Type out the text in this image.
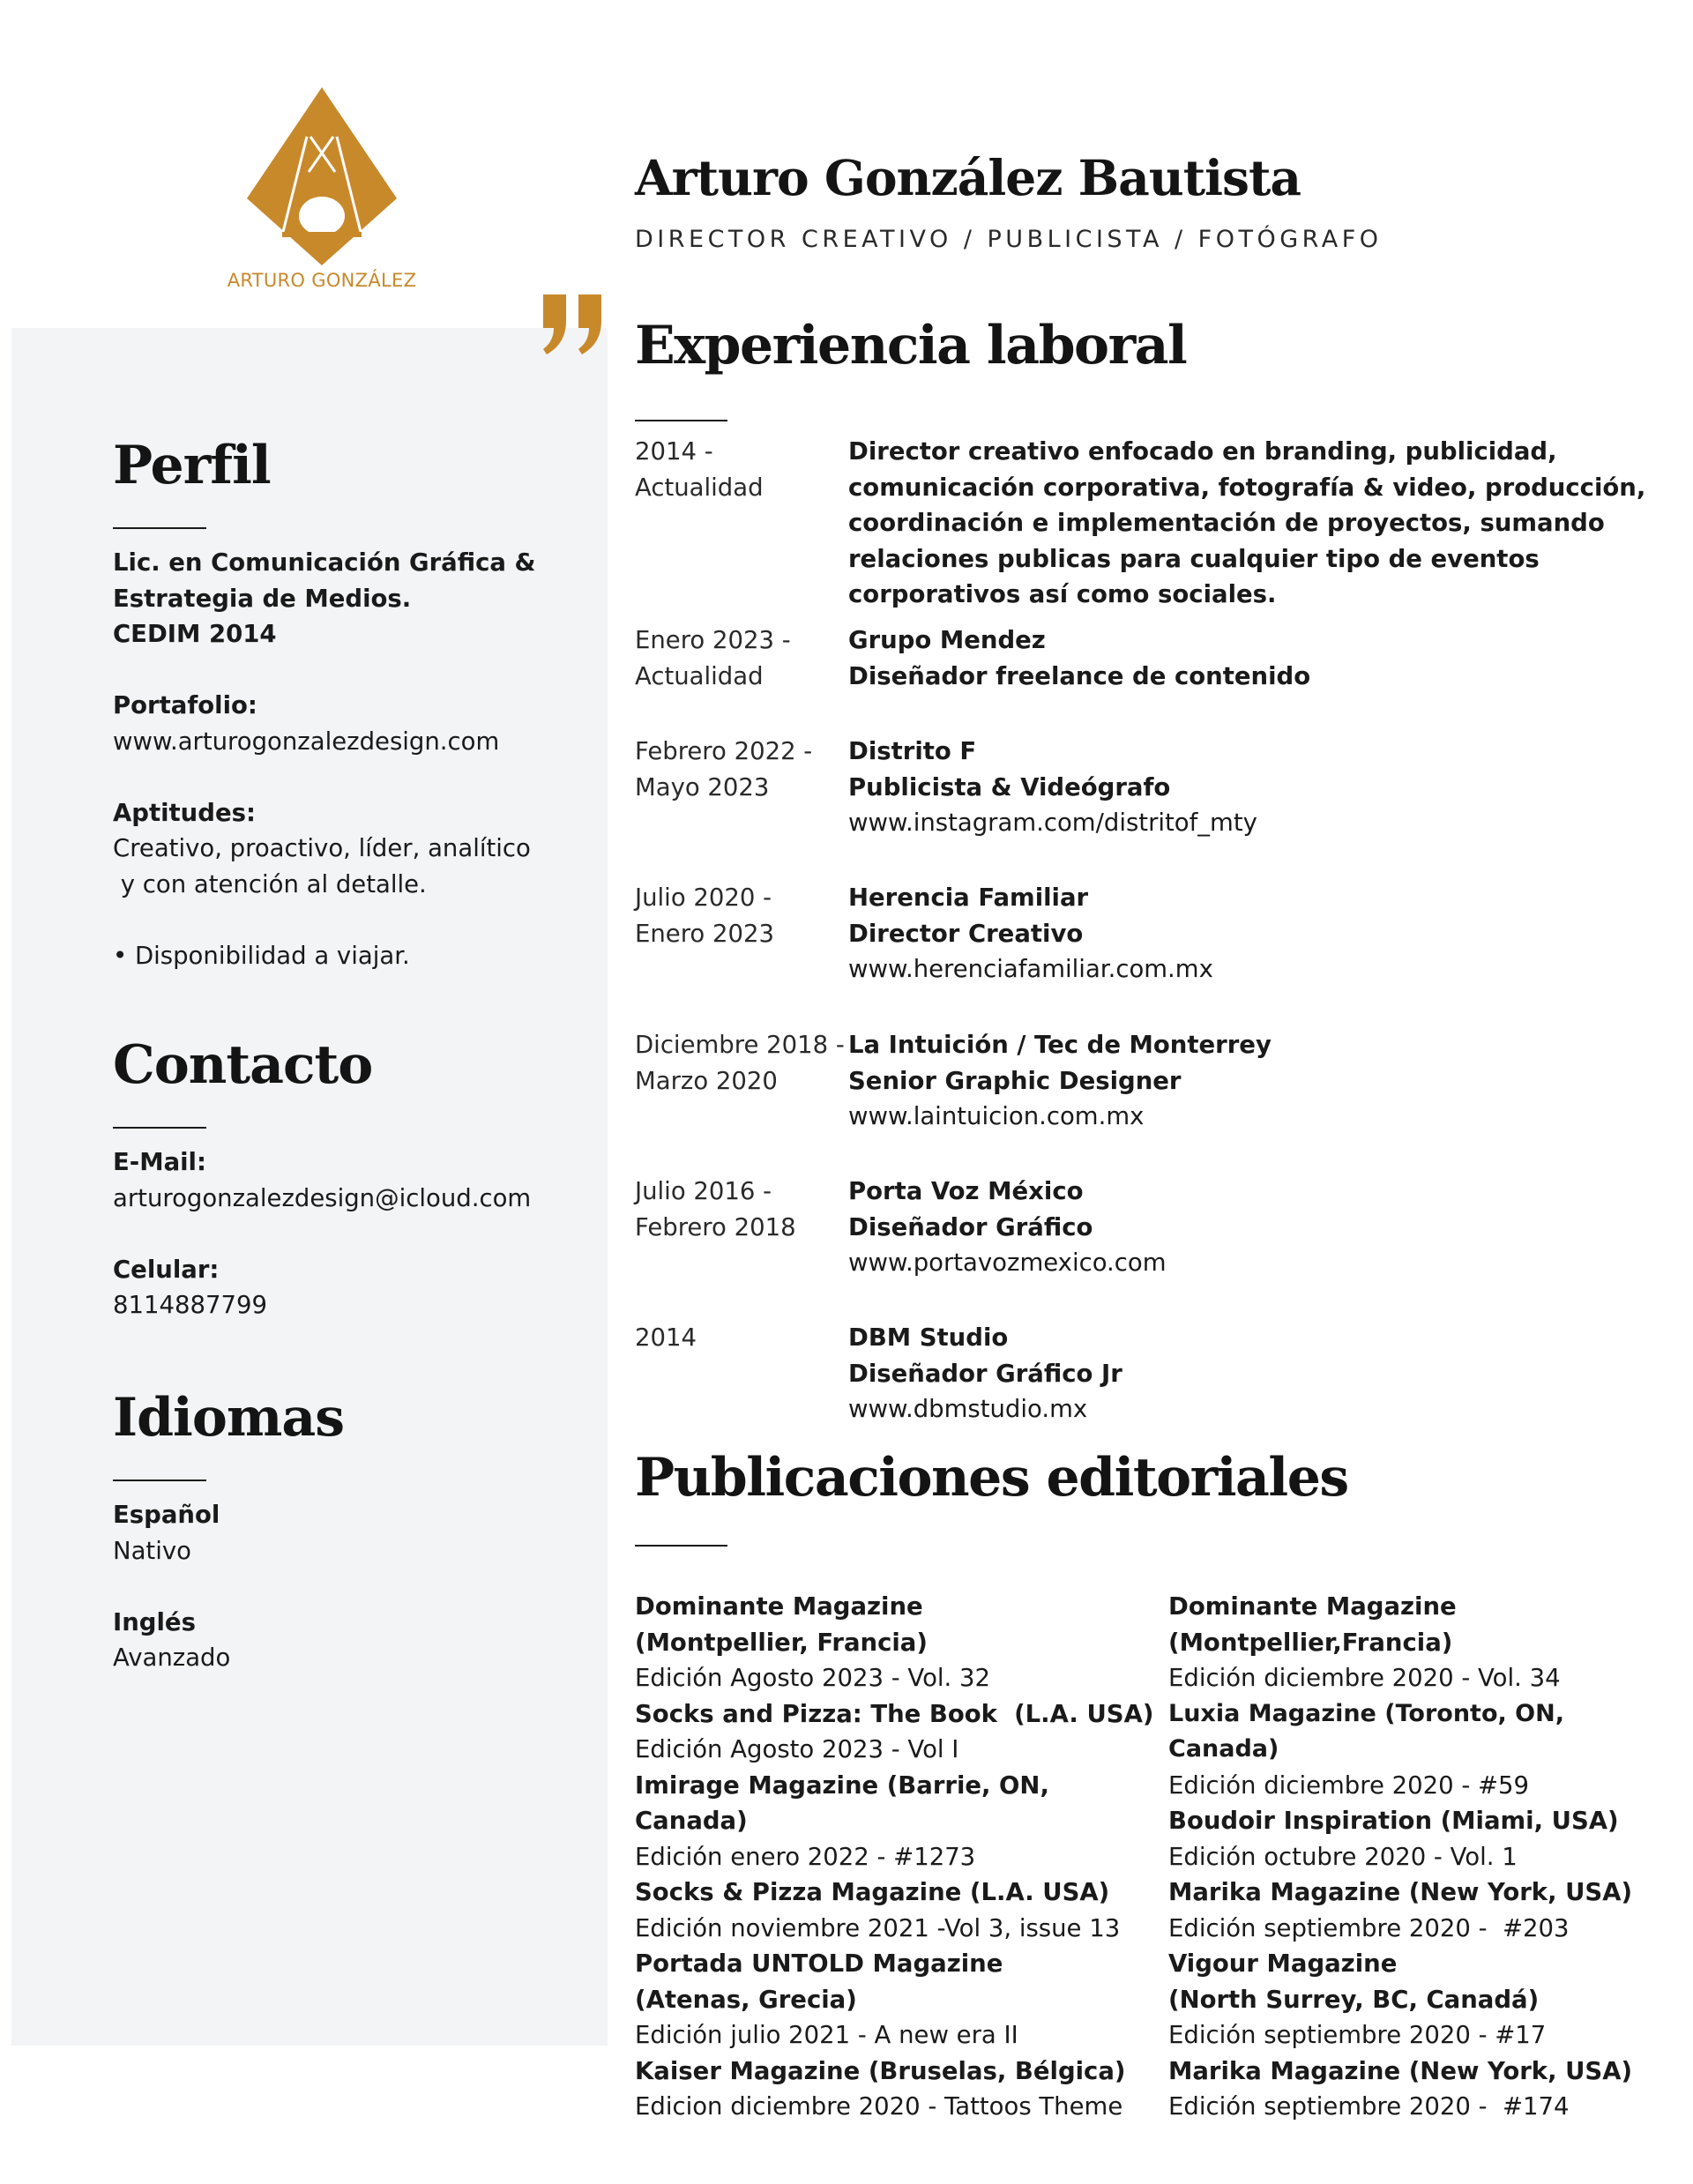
ARTURO GONZÁLEZ
Arturo González Bautista
DIRECTOR CREATIVO / PUBLICISTA / FOTÓGRAFO
Perfil
Lic. en Comunicación Gráfica &
Estrategia de Medios.
CEDIM 2014
Portafolio:
www.arturogonzalezdesign.com
Aptitudes:
Creativo, proactivo, líder, analítico
y con atención al detalle.
• Disponibilidad a viajar.
Contacto
E-Mail:
arturogonzalezdesign@icloud.com
Celular:
8114887799
Idiomas
Español
Nativo
Inglés
Avanzado
Experiencia laboral
2014 -
Actualidad
Director creativo enfocado en branding, publicidad,
comunicación corporativa, fotografía & video, producción,
coordinación e implementación de proyectos, sumando
relaciones publicas para cualquier tipo de eventos
corporativos así como sociales.
Enero 2023 -
Actualidad
Grupo Mendez
Diseñador freelance de contenido
Febrero 2022 -
Mayo 2023
Distrito F
Publicista & Videógrafo
www.instagram.com/distritof_mty
Julio 2020 -
Enero 2023
Herencia Familiar
Director Creativo
www.herenciafamiliar.com.mx
Diciembre 2018 -
Marzo 2020
La Intuición / Tec de Monterrey
Senior Graphic Designer
www.laintuicion.com.mx
Julio 2016 -
Febrero 2018
Porta Voz México
Diseñador Gráfico
www.portavozmexico.com
2014	DBM Studio
Diseñador Gráfico Jr
www.dbmstudio.mx
Publicaciones editoriales
Dominante Magazine
(Montpellier, Francia)
Edición Agosto 2023 - Vol. 32
Socks and Pizza: The Book  (L.A. USA)
Edición Agosto 2023 - Vol I
Imirage Magazine (Barrie, ON, Canada)
Edición enero 2022 - #1273
Socks & Pizza Magazine (L.A. USA)
Edición noviembre 2021 -Vol 3, issue 13
Portada UNTOLD Magazine
(Atenas, Grecia)
Edición julio 2021 - A new era II
Kaiser Magazine (Bruselas, Bélgica)
Edicion diciembre 2020 - Tattoos Theme
Dominante Magazine
(Montpellier,Francia)
Edición diciembre 2020 - Vol. 34
Luxia Magazine (Toronto, ON, Canada)
Edición diciembre 2020 - #59
Boudoir Inspiration (Miami, USA)
Edición octubre 2020 - Vol. 1
Marika Magazine (New York, USA)
Edición septiembre 2020 -  #203
Vigour Magazine
(North Surrey, BC, Canadá)
Edición septiembre 2020 - #17
Marika Magazine (New York, USA)
Edición septiembre 2020 -  #174
